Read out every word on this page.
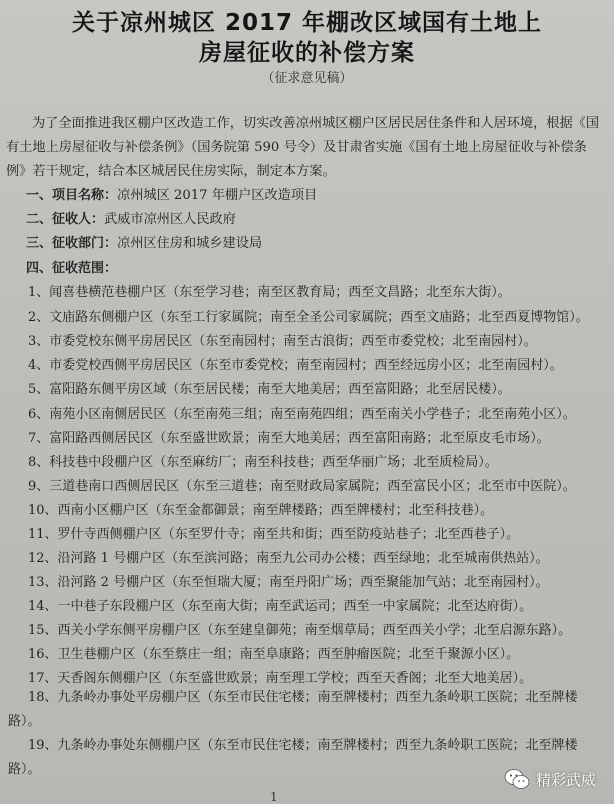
关于凉州城区 2017 年棚改区域国有土地上
房屋征收的补偿方案
（征求意见稿）

为了全面推进我区棚户区改造工作，切实改善凉州城区棚户区居民居住条件和人居环境，根据《国有土地上房屋征收与补偿条例》（国务院第 590 号令）及甘肃省实施《国有土地上房屋征收与补偿条例》若干规定，结合本区城居民住房实际，制定本方案。

一、项目名称：凉州城区 2017 年棚户区改造项目
二、征收人：武威市凉州区人民政府
三、征收部门：凉州区住房和城乡建设局
四、征收范围：
1、闻喜巷横范巷棚户区（东至学习巷；南至区教育局；西至文昌路；北至东大街）。
2、文庙路东侧棚户区（东至工行家属院；南至全圣公司家属院；西至文庙路；北至西夏博物馆）。
3、市委党校东侧平房居民区（东至南园村；南至古浪街；西至市委党校；北至南园村）。
4、市委党校西侧平房居民区（东至市委党校；南至南园村；西至经远房小区；北至南园村）。
5、富阳路东侧平房区域（东至居民楼；南至大地美居；西至富阳路；北至居民楼）。
6、南苑小区南侧居民区（东至南苑三组；南至南苑四组；西至南关小学巷子；北至南苑小区）。
7、富阳路西侧居民区（东至盛世欧景；南至大地美居；西至富阳南路；北至原皮毛市场）。
8、科技巷中段棚户区（东至麻纺厂；南至科技巷；西至华丽广场；北至质检局）。
9、三道巷南口西侧居民区（东至三道巷；南至财政局家属院；西至富民小区；北至市中医院）。
10、西南小区棚户区（东至金都御景；南至牌楼路；西至牌楼村；北至科技巷）。
11、罗什寺西侧棚户区（东至罗什寺；南至共和街；西至防疫站巷子；北至西巷子）。
12、沿河路 1 号棚户区（东至滨河路；南至九公司办公楼；西至绿地；北至城南供热站）。
13、沿河路 2 号棚户区（东至恒瑞大厦；南至丹阳广场；西至聚能加气站；北至南园村）。
14、一中巷子东段棚户区（东至南大街；南至武运司；西至一中家属院；北至达府街）。
15、西关小学东侧平房棚户区（东至建皇御苑；南至烟草局；西至西关小学；北至启源东路）。
16、卫生巷棚户区（东至蔡庄一组；南至阜康路；西至肿瘤医院；北至千聚源小区）。
17、天香阁东侧棚户区（东至盛世欧景；南至理工学校；西至天香阁；北至大地美居）。

18、九条岭办事处平房棚户区（东至市民住宅楼；南至牌楼村；西至九条岭职工医院；北至牌楼路）。

19、九条岭办事处东侧棚户区（东至市民住宅楼；南至牌楼村；西至九条岭职工医院；北至牌楼路）。

1
精彩武威
